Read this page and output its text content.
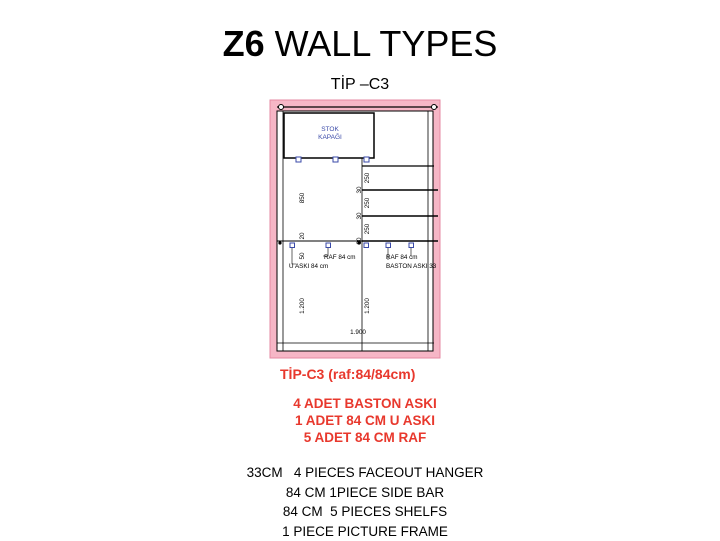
Z6 WALL TYPES
TİP –C3
STOK
KAPAĞI
RAF 84 cm
U ASKI 84 cm
RAF 84 cm
BASTON ASKI 33
850
20
50
30
30
30
250
250
250
1.200	1.200
1.900
TİP-C3 (raf:84/84cm)
4 ADET BASTON ASKI
1 ADET 84 CM U ASKI
5 ADET 84 CM RAF
33CM   4 PIECES FACEOUT HANGER
84 CM 1PIECE SIDE BAR
84 CM  5 PIECES SHELFS
1 PIECE PICTURE FRAME
